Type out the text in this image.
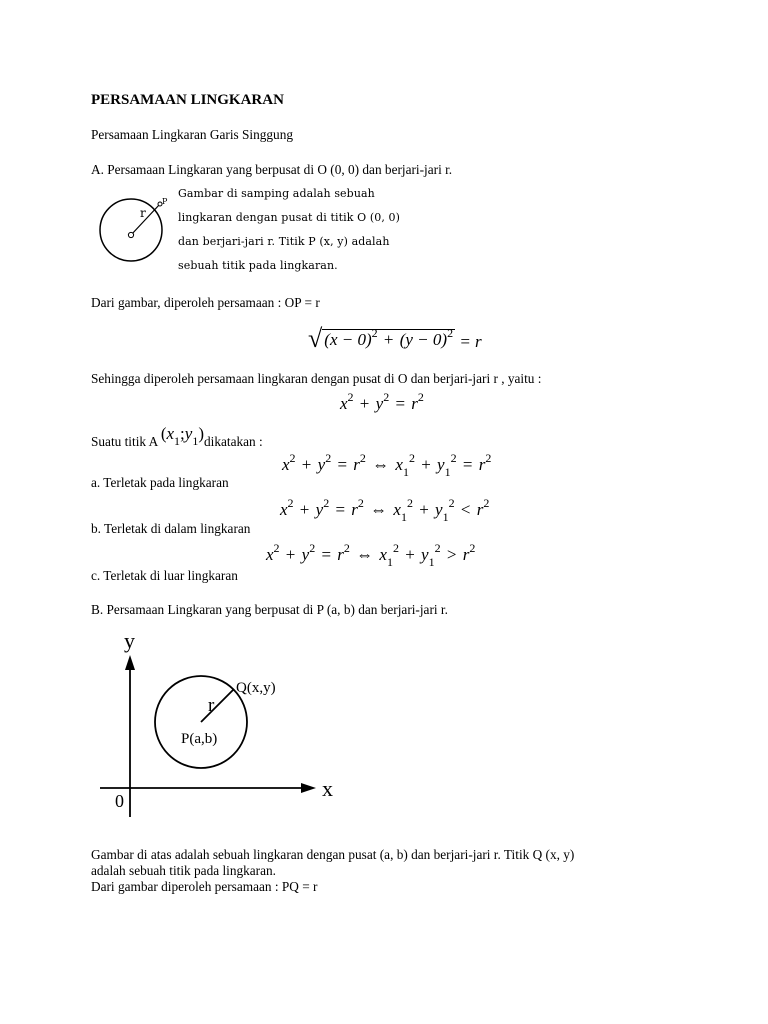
PERSAMAAN LINGKARAN
Persamaan Lingkaran Garis Singgung
A. Persamaan Lingkaran yang berpusat di O (0, 0) dan berjari-jari r.
r
P
Gambar di samping adalah sebuah
lingkaran dengan pusat di titik O (0, 0)
dan berjari-jari r. Titik P (x, y) adalah
sebuah titik pada lingkaran.
Dari gambar, diperoleh persamaan : OP = r
√ $(x - 0)^2 + (y - 0)^2 = r$
Sehingga diperoleh persamaan lingkaran dengan pusat di O dan berjari-jari r , yaitu :
$x^2 + y^2 = r^2$
Suatu titik A $(x_1;y_1)dikatakan$ :
$x^2 + y^2 = r^2$ ⇔ $x_1^2 + y_1^2 = r^2$
a. Terletak pada lingkaran
$x^2 + y^2 = r^2$ ⇔ $x_1^2 + y_1^2 < r^2$
b. Terletak di dalam lingkaran
$x^2 + y^2 = r^2$ ⇔ $x_1^2 + y_1^2 > r^2$
c. Terletak di luar lingkaran
B. Persamaan Lingkaran yang berpusat di P (a, b) dan berjari-jari r.
y
x
0
r
Q(x,y)
P(a,b)
Gambar di atas adalah sebuah lingkaran dengan pusat (a, b) dan berjari-jari r. Titik Q (x, y)
adalah sebuah titik pada lingkaran.
Dari gambar diperoleh persamaan : PQ = r
